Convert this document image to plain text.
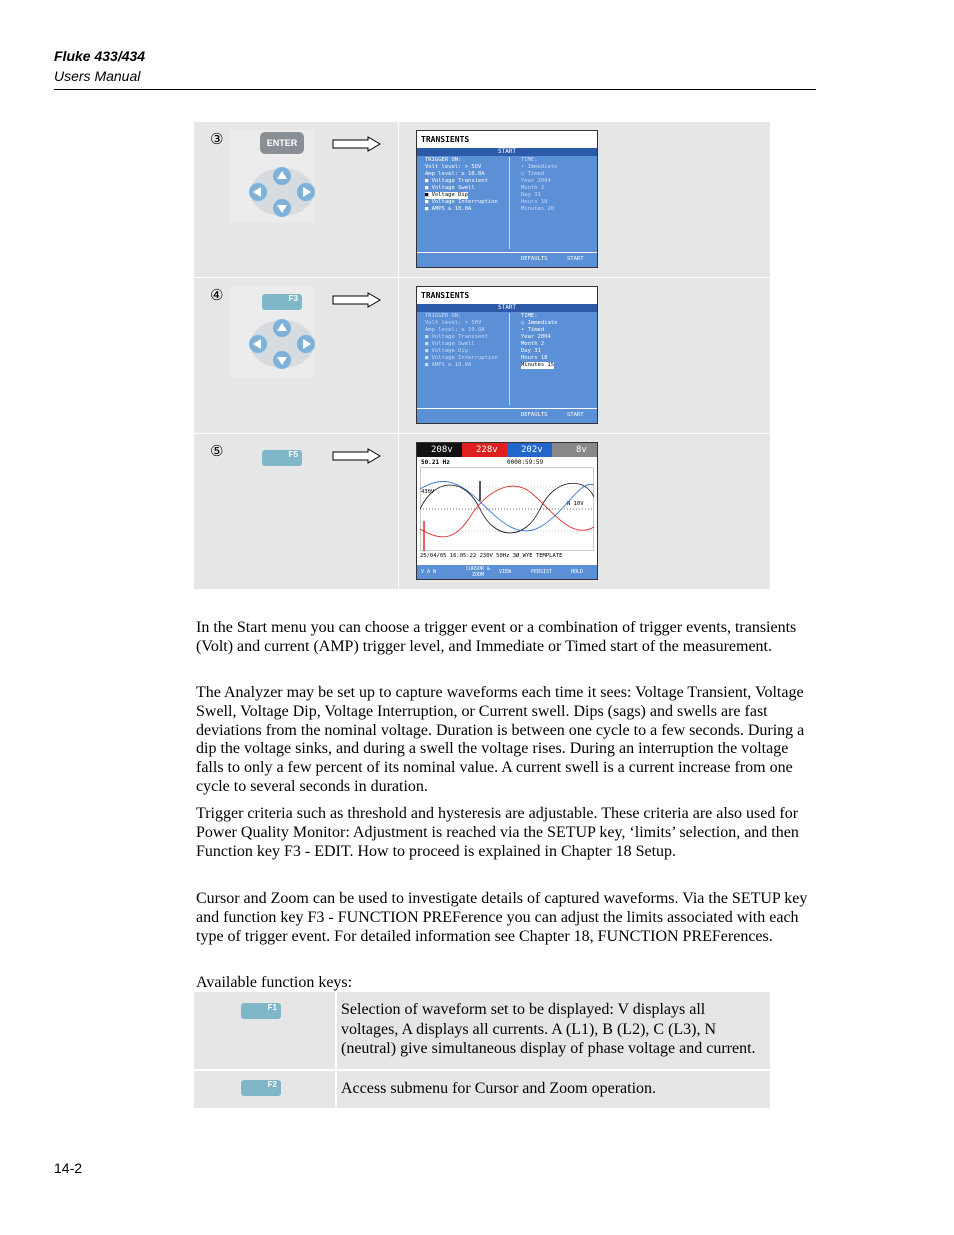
Fluke 433/434
Users Manual
③	ENTER	TRANSIENTS
START
TRIGGER ON:
Volt level: > 50V
Amp level: ≥ 10.0A
■ Voltage Transient
■ Voltage Swell
■ Voltage Dip
■ Voltage Interruption
■ AMPS ≥ 10.0A
TIME:
• Immediate
○ Timed
Year 2004
Month 2
Day 31
Hours 18
Minutes 20
DEFAULTS	START
④	F3	TRANSIENTS
START
TRIGGER ON:
Volt level: > 50V
Amp level: ≥ 10.0A
■ Voltage Transient
■ Voltage Swell
■ Voltage Dip
■ Voltage Interruption
■ AMPS ≥ 10.0A
TIME:
○ Immediate
• Timed
Year 2004
Month 2
Day 31
Hours 18
Minutes 15
DEFAULTS	START
⑤	F5	208v	228v	202v	8v
50.21 Hz	0000:59:59
430V
N 10V
25/04/05 16:05:22 230V 50Hz 3Ø WYE TEMPLATE
V A N	CURSOR & ZOOM	VIEW	PERSIST	HOLD
In the Start menu you can choose a trigger event or a combination of trigger events, transients (Volt) and current (AMP) trigger level, and Immediate or Timed start of the measurement.
The Analyzer may be set up to capture waveforms each time it sees: Voltage Transient, Voltage Swell, Voltage Dip, Voltage Interruption, or Current swell. Dips (sags) and swells are fast deviations from the nominal voltage. Duration is between one cycle to a few seconds. During a dip the voltage sinks, and during a swell the voltage rises. During an interruption the voltage falls to only a few percent of its nominal value. A current swell is a current increase from one cycle to several seconds in duration.
Trigger criteria such as threshold and hysteresis are adjustable. These criteria are also used for Power Quality Monitor: Adjustment is reached via the SETUP key, ‘limits’ selection, and then Function key F3 - EDIT. How to proceed is explained in Chapter 18 Setup.
Cursor and Zoom can be used to investigate details of captured waveforms. Via the SETUP key and function key F3 - FUNCTION PREFerence you can adjust the limits associated with each type of trigger event. For detailed information see Chapter 18, FUNCTION PREFerences.
Available function keys:
F1	Selection of waveform set to be displayed: V displays all voltages, A displays all currents. A (L1), B (L2), C (L3), N (neutral) give simultaneous display of phase voltage and current.
F2	Access submenu for Cursor and Zoom operation.
14-2
